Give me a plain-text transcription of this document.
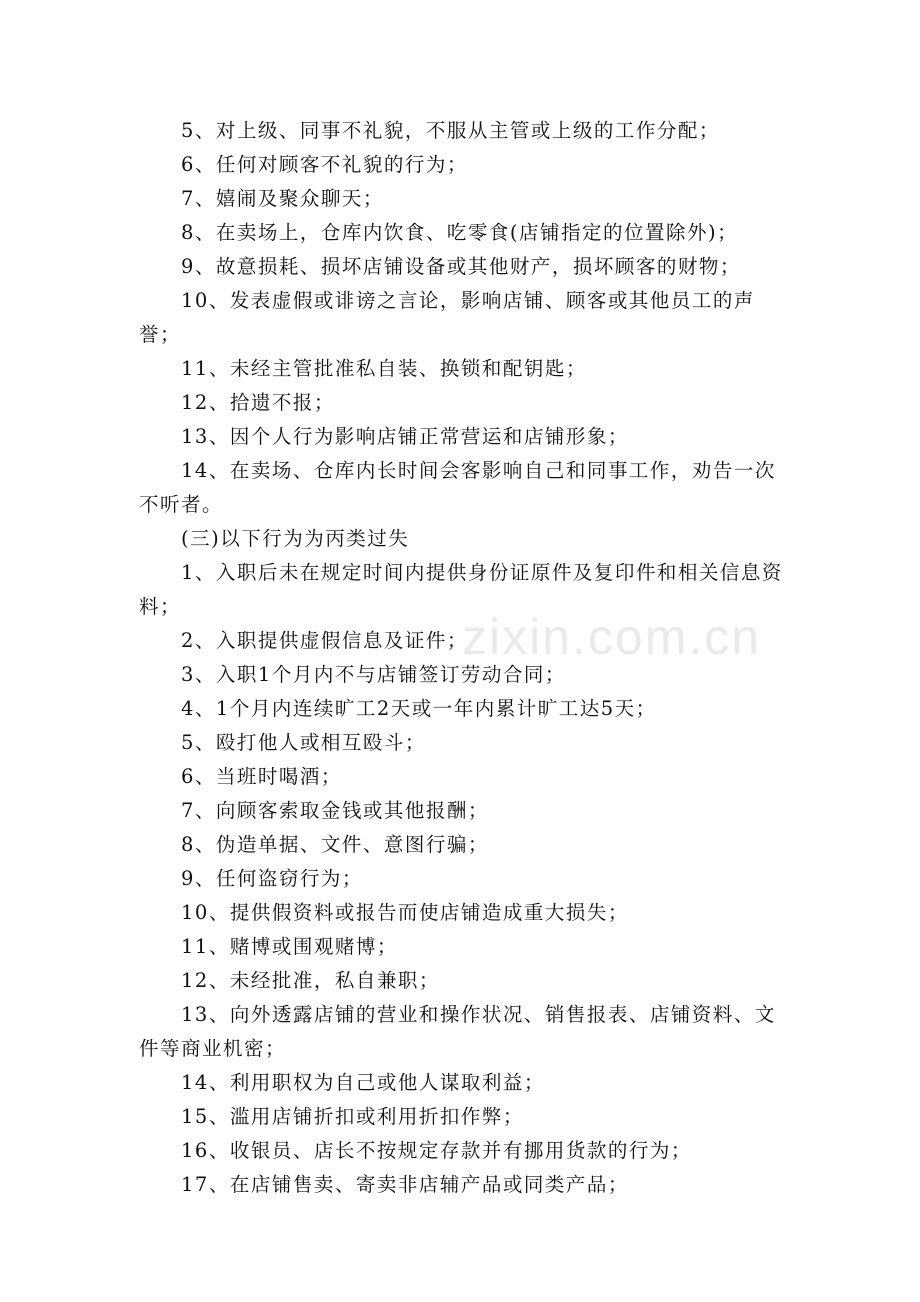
zixin.com.cn

5、对上级、同事不礼貌，不服从主管或上级的工作分配；

6、任何对顾客不礼貌的行为；

7、嬉闹及聚众聊天；

8、在卖场上，仓库内饮食、吃零食(店铺指定的位置除外)；

9、故意损耗、损坏店铺设备或其他财产，损坏顾客的财物；

10、发表虚假或诽谤之言论，影响店铺、顾客或其他员工的声誉；

11、未经主管批准私自装、换锁和配钥匙；

12、拾遗不报；

13、因个人行为影响店铺正常营运和店铺形象；

14、在卖场、仓库内长时间会客影响自己和同事工作，劝告一次不听者。

(三)以下行为为丙类过失

1、入职后未在规定时间内提供身份证原件及复印件和相关信息资料；

2、入职提供虚假信息及证件；

3、入职1个月内不与店铺签订劳动合同；

4、1个月内连续旷工2天或一年内累计旷工达5天；

5、殴打他人或相互殴斗；

6、当班时喝酒；

7、向顾客索取金钱或其他报酬；

8、伪造单据、文件、意图行骗；

9、任何盗窃行为；

10、提供假资料或报告而使店铺造成重大损失；

11、赌博或围观赌博；

12、未经批准，私自兼职；

13、向外透露店铺的营业和操作状况、销售报表、店铺资料、文件等商业机密；

14、利用职权为自己或他人谋取利益；

15、滥用店铺折扣或利用折扣作弊；

16、收银员、店长不按规定存款并有挪用货款的行为；

17、在店铺售卖、寄卖非店辅产品或同类产品；
